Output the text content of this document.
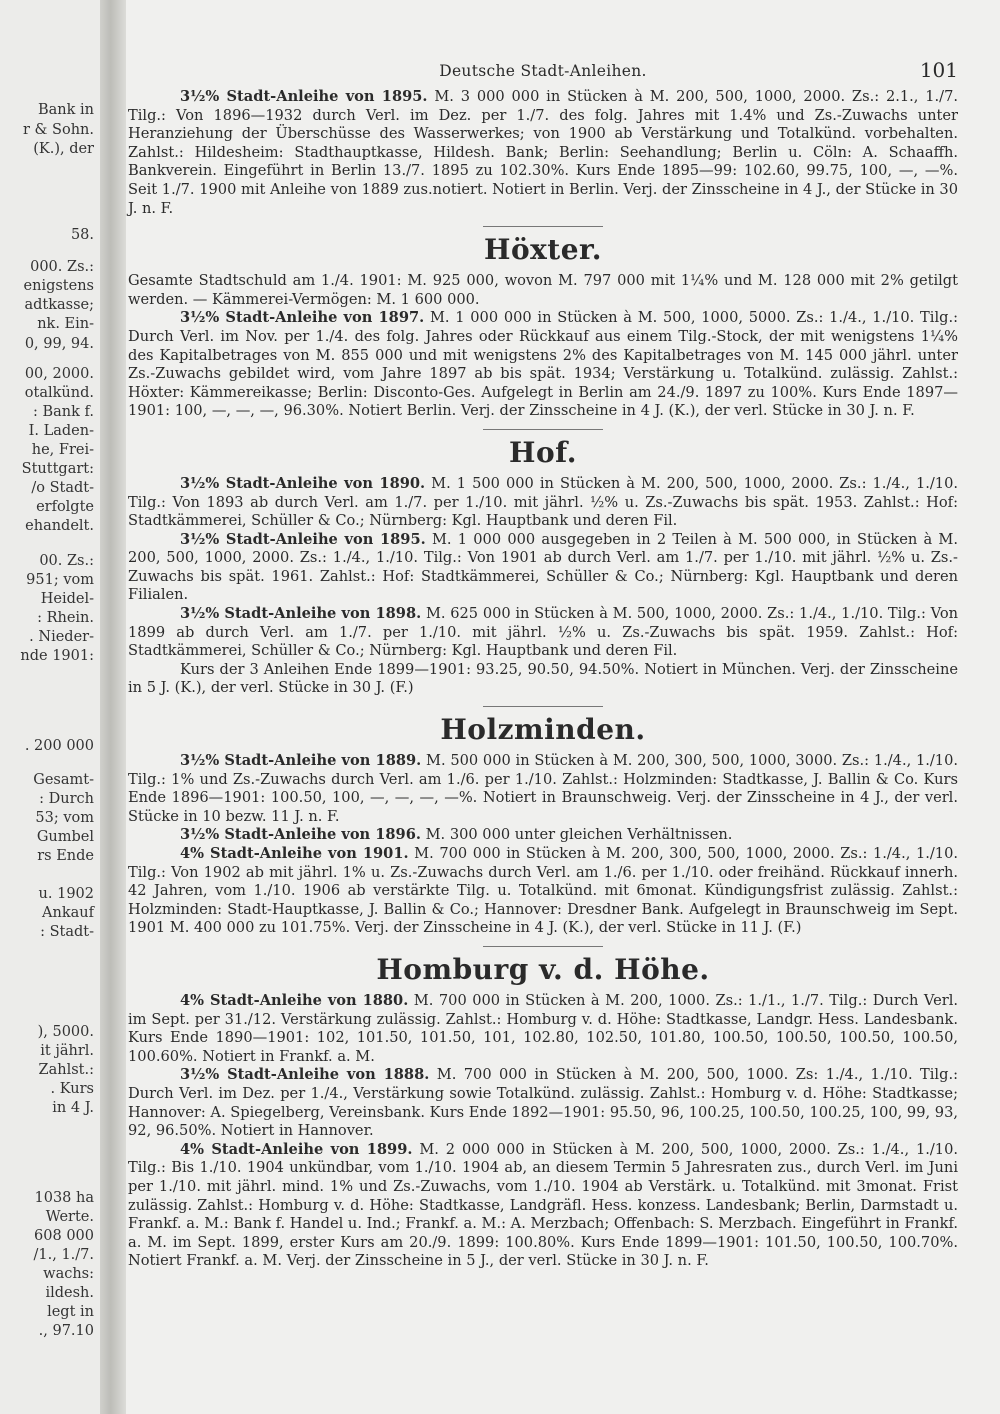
Bank in
r & Sohn.
(K.), der
58.
000. Zs.:
enigstens
adtkasse;
nk. Ein-
0, 99, 94.
00, 2000.
otalkünd.
: Bank f.
I. Laden-
he, Frei-
Stuttgart:
/o Stadt-
erfolgte
ehandelt.
00. Zs.:
951; vom
Heidel-
: Rhein.
. Nieder-
nde 1901:
. 200 000
Gesamt-
: Durch
53; vom
Gumbel
rs Ende
u. 1902
Ankauf
: Stadt-
), 5000.
it jährl.
Zahlst.:
. Kurs
in 4 J.
1038 ha
Werte.
608 000
/1., 1./7.
wachs:
ildesh.
legt in
., 97.10
Deutsche Stadt-Anleihen.	101

3½% Stadt-Anleihe von 1895. M. 3 000 000 in Stücken à M. 200, 500, 1000, 2000. Zs.: 2.1., 1./7. Tilg.: Von 1896—1932 durch Verl. im Dez. per 1./7. des folg. Jahres mit 1.4% und Zs.-Zuwachs unter Heranziehung der Überschüsse des Wasserwerkes; von 1900 ab Verstärkung und Totalkünd. vorbehalten. Zahlst.: Hildesheim: Stadthauptkasse, Hildesh. Bank; Berlin: Seehandlung; Berlin u. Cöln: A. Schaaffh. Bankverein. Eingeführt in Berlin 13./7. 1895 zu 102.30%. Kurs Ende 1895—99: 102.60, 99.75, 100, —, —%. Seit 1./7. 1900 mit Anleihe von 1889 zus.notiert. Notiert in Berlin. Verj. der Zinsscheine in 4 J., der Stücke in 30 J. n. F.

Höxter.

Gesamte Stadtschuld am 1./4. 1901: M. 925 000, wovon M. 797 000 mit 1¼% und M. 128 000 mit 2% getilgt werden. — Kämmerei-Vermögen: M. 1 600 000.

3½% Stadt-Anleihe von 1897. M. 1 000 000 in Stücken à M. 500, 1000, 5000. Zs.: 1./4., 1./10. Tilg.: Durch Verl. im Nov. per 1./4. des folg. Jahres oder Rückkauf aus einem Tilg.-Stock, der mit wenigstens 1¼% des Kapitalbetrages von M. 855 000 und mit wenigstens 2% des Kapitalbetrages von M. 145 000 jährl. unter Zs.-Zuwachs gebildet wird, vom Jahre 1897 ab bis spät. 1934; Verstärkung u. Totalkünd. zulässig. Zahlst.: Höxter: Kämmereikasse; Berlin: Disconto-Ges. Aufgelegt in Berlin am 24./9. 1897 zu 100%. Kurs Ende 1897—1901: 100, —, —, —, 96.30%. Notiert Berlin. Verj. der Zinsscheine in 4 J. (K.), der verl. Stücke in 30 J. n. F.

Hof.

3½% Stadt-Anleihe von 1890. M. 1 500 000 in Stücken à M. 200, 500, 1000, 2000. Zs.: 1./4., 1./10. Tilg.: Von 1893 ab durch Verl. am 1./7. per 1./10. mit jährl. ½% u. Zs.-Zuwachs bis spät. 1953. Zahlst.: Hof: Stadtkämmerei, Schüller & Co.; Nürnberg: Kgl. Hauptbank und deren Fil.

3½% Stadt-Anleihe von 1895. M. 1 000 000 ausgegeben in 2 Teilen à M. 500 000, in Stücken à M. 200, 500, 1000, 2000. Zs.: 1./4., 1./10. Tilg.: Von 1901 ab durch Verl. am 1./7. per 1./10. mit jährl. ½% u. Zs.-Zuwachs bis spät. 1961. Zahlst.: Hof: Stadtkämmerei, Schüller & Co.; Nürnberg: Kgl. Hauptbank und deren Filialen.

3½% Stadt-Anleihe von 1898. M. 625 000 in Stücken à M. 500, 1000, 2000. Zs.: 1./4., 1./10. Tilg.: Von 1899 ab durch Verl. am 1./7. per 1./10. mit jährl. ½% u. Zs.-Zuwachs bis spät. 1959. Zahlst.: Hof: Stadtkämmerei, Schüller & Co.; Nürnberg: Kgl. Hauptbank und deren Fil.

Kurs der 3 Anleihen Ende 1899—1901: 93.25, 90.50, 94.50%. Notiert in München. Verj. der Zinsscheine in 5 J. (K.), der verl. Stücke in 30 J. (F.)

Holzminden.

3½% Stadt-Anleihe von 1889. M. 500 000 in Stücken à M. 200, 300, 500, 1000, 3000. Zs.: 1./4., 1./10. Tilg.: 1% und Zs.-Zuwachs durch Verl. am 1./6. per 1./10. Zahlst.: Holzminden: Stadtkasse, J. Ballin & Co. Kurs Ende 1896—1901: 100.50, 100, —, —, —, —%. Notiert in Braunschweig. Verj. der Zinsscheine in 4 J., der verl. Stücke in 10 bezw. 11 J. n. F.

3½% Stadt-Anleihe von 1896. M. 300 000 unter gleichen Verhältnissen.

4% Stadt-Anleihe von 1901. M. 700 000 in Stücken à M. 200, 300, 500, 1000, 2000. Zs.: 1./4., 1./10. Tilg.: Von 1902 ab mit jährl. 1% u. Zs.-Zuwachs durch Verl. am 1./6. per 1./10. oder freihänd. Rückkauf innerh. 42 Jahren, vom 1./10. 1906 ab verstärkte Tilg. u. Totalkünd. mit 6monat. Kündigungsfrist zulässig. Zahlst.: Holzminden: Stadt-Hauptkasse, J. Ballin & Co.; Hannover: Dresdner Bank. Aufgelegt in Braunschweig im Sept. 1901 M. 400 000 zu 101.75%. Verj. der Zinsscheine in 4 J. (K.), der verl. Stücke in 11 J. (F.)

Homburg v. d. Höhe.

4% Stadt-Anleihe von 1880. M. 700 000 in Stücken à M. 200, 1000. Zs.: 1./1., 1./7. Tilg.: Durch Verl. im Sept. per 31./12. Verstärkung zulässig. Zahlst.: Homburg v. d. Höhe: Stadtkasse, Landgr. Hess. Landesbank. Kurs Ende 1890—1901: 102, 101.50, 101.50, 101, 102.80, 102.50, 101.80, 100.50, 100.50, 100.50, 100.50, 100.60%. Notiert in Frankf. a. M.

3½% Stadt-Anleihe von 1888. M. 700 000 in Stücken à M. 200, 500, 1000. Zs: 1./4., 1./10. Tilg.: Durch Verl. im Dez. per 1./4., Verstärkung sowie Totalkünd. zulässig. Zahlst.: Homburg v. d. Höhe: Stadtkasse; Hannover: A. Spiegelberg, Vereinsbank. Kurs Ende 1892—1901: 95.50, 96, 100.25, 100.50, 100.25, 100, 99, 93, 92, 96.50%. Notiert in Hannover.

4% Stadt-Anleihe von 1899. M. 2 000 000 in Stücken à M. 200, 500, 1000, 2000. Zs.: 1./4., 1./10. Tilg.: Bis 1./10. 1904 unkündbar, vom 1./10. 1904 ab, an diesem Termin 5 Jahresraten zus., durch Verl. im Juni per 1./10. mit jährl. mind. 1% und Zs.-Zuwachs, vom 1./10. 1904 ab Verstärk. u. Totalkünd. mit 3monat. Frist zulässig. Zahlst.: Homburg v. d. Höhe: Stadtkasse, Landgräfl. Hess. konzess. Landesbank; Berlin, Darmstadt u. Frankf. a. M.: Bank f. Handel u. Ind.; Frankf. a. M.: A. Merzbach; Offenbach: S. Merzbach. Eingeführt in Frankf. a. M. im Sept. 1899, erster Kurs am 20./9. 1899: 100.80%. Kurs Ende 1899—1901: 101.50, 100.50, 100.70%. Notiert Frankf. a. M. Verj. der Zinsscheine in 5 J., der verl. Stücke in 30 J. n. F.
